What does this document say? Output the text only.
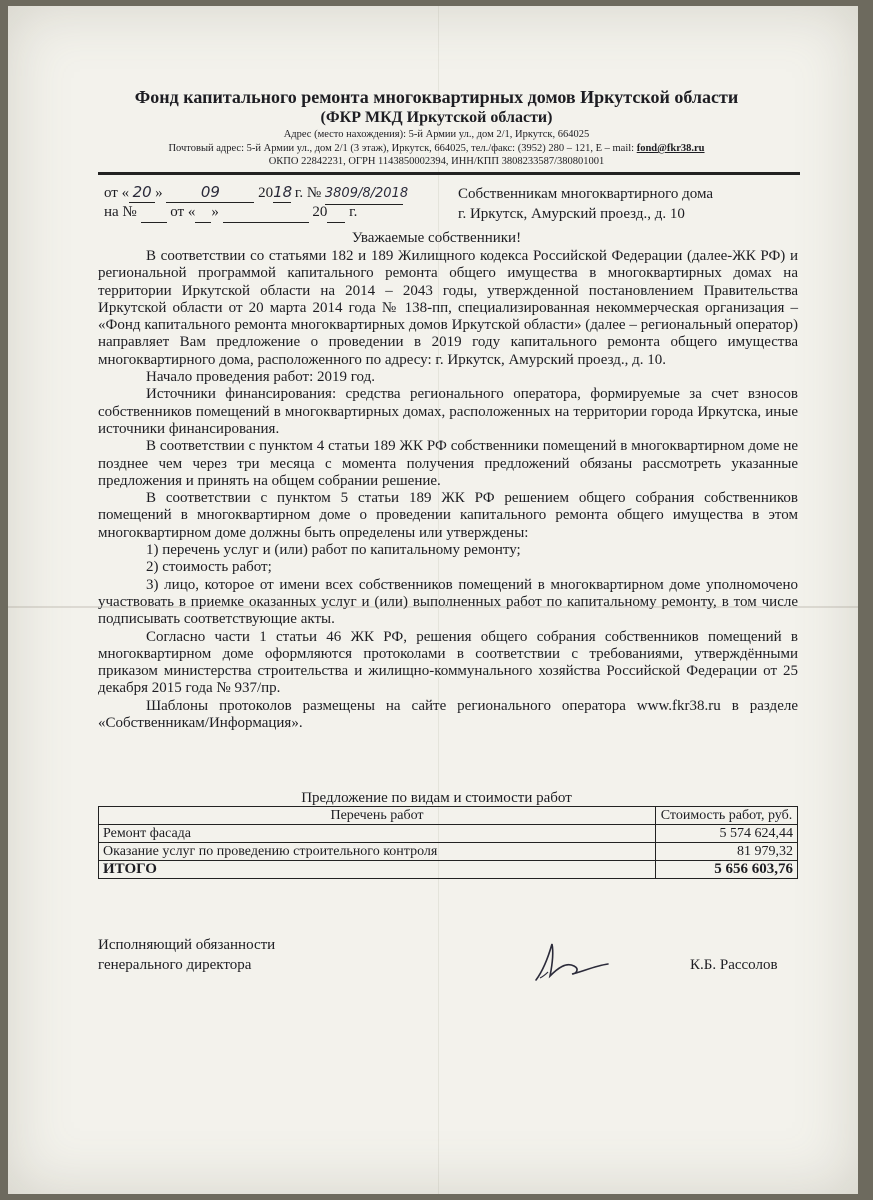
Фонд капитального ремонта многоквартирных домов Иркутской области
(ФКР МКД Иркутской области)
Адрес (место нахождения): 5-й Армии ул., дом 2/1, Иркутск, 664025
Почтовый адрес: 5-й Армии ул., дом 2/1 (3 этаж), Иркутск, 664025, тел./факс: (3952) 280 – 121, E – mail: fond@fkr38.ru
ОКПО 22842231, ОГРН 1143850002394, ИНН/КПП 3808233587/380801001
от « 20 »	09	2018 г. № 3809/8/2018
на № от « »	20 г.
Собственникам многоквартирного дома
г. Иркутск, Амурский проезд., д. 10
Уважаемые собственники!

В соответствии со статьями 182 и 189 Жилищного кодекса Российской Федерации (далее-ЖК РФ) и региональной программой капитального ремонта общего имущества в многоквартирных домах на территории Иркутской области на 2014 – 2043 годы, утвержденной постановлением Правительства Иркутской области от 20 марта 2014 года № 138-пп, специализированная некоммерческая организация – «Фонд капитального ремонта многоквартирных домов Иркутской области» (далее – региональный оператор) направляет Вам предложение о проведении в 2019 году капитального ремонта общего имущества многоквартирного дома, расположенного по адресу: г. Иркутск, Амурский проезд., д. 10.

Начало проведения работ: 2019 год.

Источники финансирования: средства регионального оператора, формируемые за счет взносов собственников помещений в многоквартирных домах, расположенных на территории города Иркутска, иные источники финансирования.

В соответствии с пунктом 4 статьи 189 ЖК РФ собственники помещений в многоквартирном доме не позднее чем через три месяца с момента получения предложений обязаны рассмотреть указанные предложения и принять на общем собрании решение.

В соответствии с пунктом 5 статьи 189 ЖК РФ решением общего собрания собственников помещений в многоквартирном доме о проведении капитального ремонта общего имущества в этом многоквартирном доме должны быть определены или утверждены:

1) перечень услуг и (или) работ по капитальному ремонту;

2) стоимость работ;

3) лицо, которое от имени всех собственников помещений в многоквартирном доме уполномочено участвовать в приемке оказанных услуг и (или) выполненных работ по капитальному ремонту, в том числе подписывать соответствующие акты.

Согласно части 1 статьи 46 ЖК РФ, решения общего собрания собственников помещений в многоквартирном доме оформляются протоколами в соответствии с требованиями, утверждёнными приказом министерства строительства и жилищно-коммунального хозяйства Российской Федерации от 25 декабря 2015 года № 937/пр.

Шаблоны протоколов размещены на сайте регионального оператора www.fkr38.ru в разделе «Собственникам/Информация».

Предложение по видам и стоимости работ
Перечень работ	Стоимость работ, руб.
Ремонт фасада	5 574 624,44
Оказание услуг по проведению строительного контроля	81 979,32
ИТОГО	5 656 603,76
Исполняющий обязанности
генерального директора	К.Б. Рассолов
